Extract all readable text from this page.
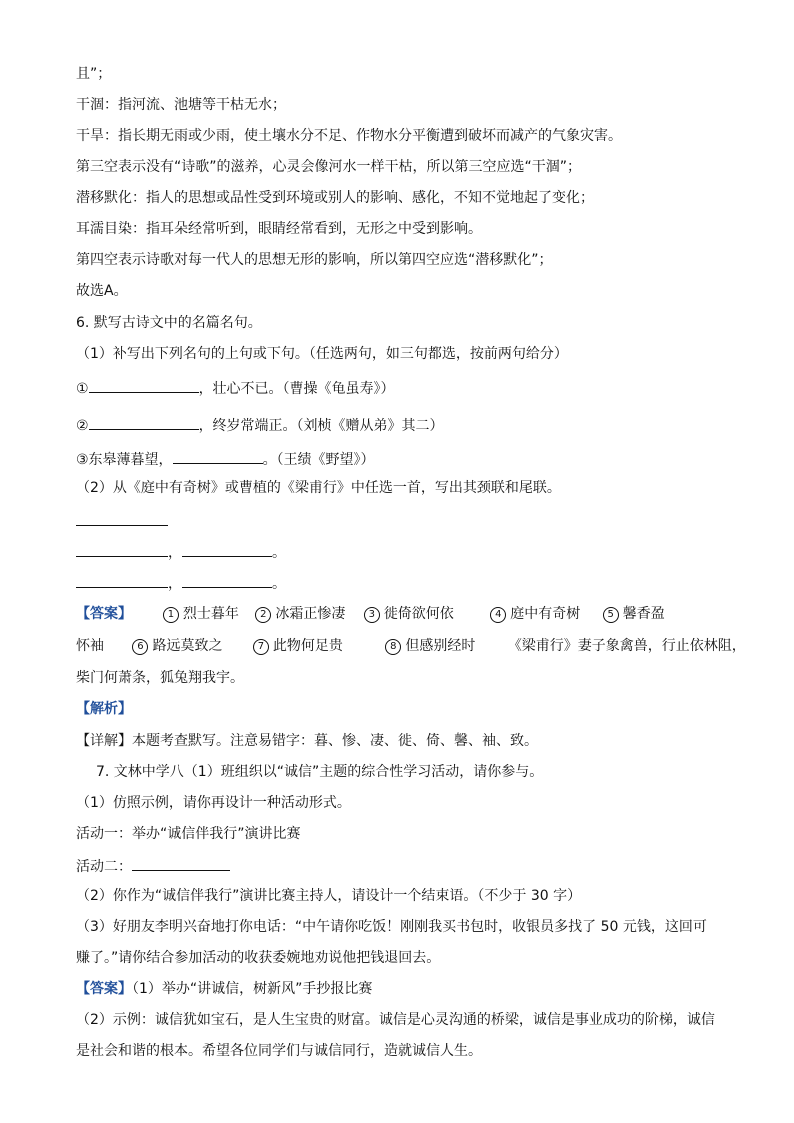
且”；
干涸：指河流、池塘等干枯无水；
干旱：指长期无雨或少雨，使土壤水分不足、作物水分平衡遭到破坏而减产的气象灾害。
第三空表示没有“诗歌”的滋养，心灵会像河水一样干枯，所以第三空应选“干涸”；
潜移默化：指人的思想或品性受到环境或别人的影响、感化，不知不觉地起了变化；
耳濡目染：指耳朵经常听到，眼睛经常看到，无形之中受到影响。
第四空表示诗歌对每一代人的思想无形的影响，所以第四空应选“潜移默化”；
故选A。
6. 默写古诗文中的名篇名句。
（1）补写出下列名句的上句或下句。（任选两句，如三句都选，按前两句给分）
①	，壮心不已。（曹操《龟虽寿》）
②	，终岁常端正。（刘桢《赠从弟》其二）
③东皋薄暮望，	。（王绩《野望》）
（2）从《庭中有奇树》或曹植的《梁甫行》中任选一首，写出其颈联和尾联。
，	。
，	。
【答案】	1 烈士暮年 2 冰霜正惨凄 3 徙倚欲何依	4 庭中有奇树	5 馨香盈
怀袖	6 路远莫致之	7 此物何足贵	8 但感别经时 《梁甫行》妻子象禽兽，行止依林阻，
柴门何萧条，狐兔翔我宇。
【解析】
【详解】本题考查默写。注意易错字：暮、惨、凄、徙、倚、馨、袖、致。
7. 文林中学八（1）班组织以“诚信”主题的综合性学习活动，请你参与。
（1）仿照示例，请你再设计一种活动形式。
活动一：举办“诚信伴我行”演讲比赛
活动二：
（2）你作为“诚信伴我行”演讲比赛主持人，请设计一个结束语。（不少于 30 字）
（3）好朋友李明兴奋地打你电话：“中午请你吃饭！刚刚我买书包时，收银员多找了 50 元钱，这回可
赚了。”请你结合参加活动的收获委婉地劝说他把钱退回去。
【答案】（1）举办“讲诚信，树新风”手抄报比赛
（2）示例：诚信犹如宝石，是人生宝贵的财富。诚信是心灵沟通的桥梁，诚信是事业成功的阶梯，诚信
是社会和谐的根本。希望各位同学们与诚信同行，造就诚信人生。
